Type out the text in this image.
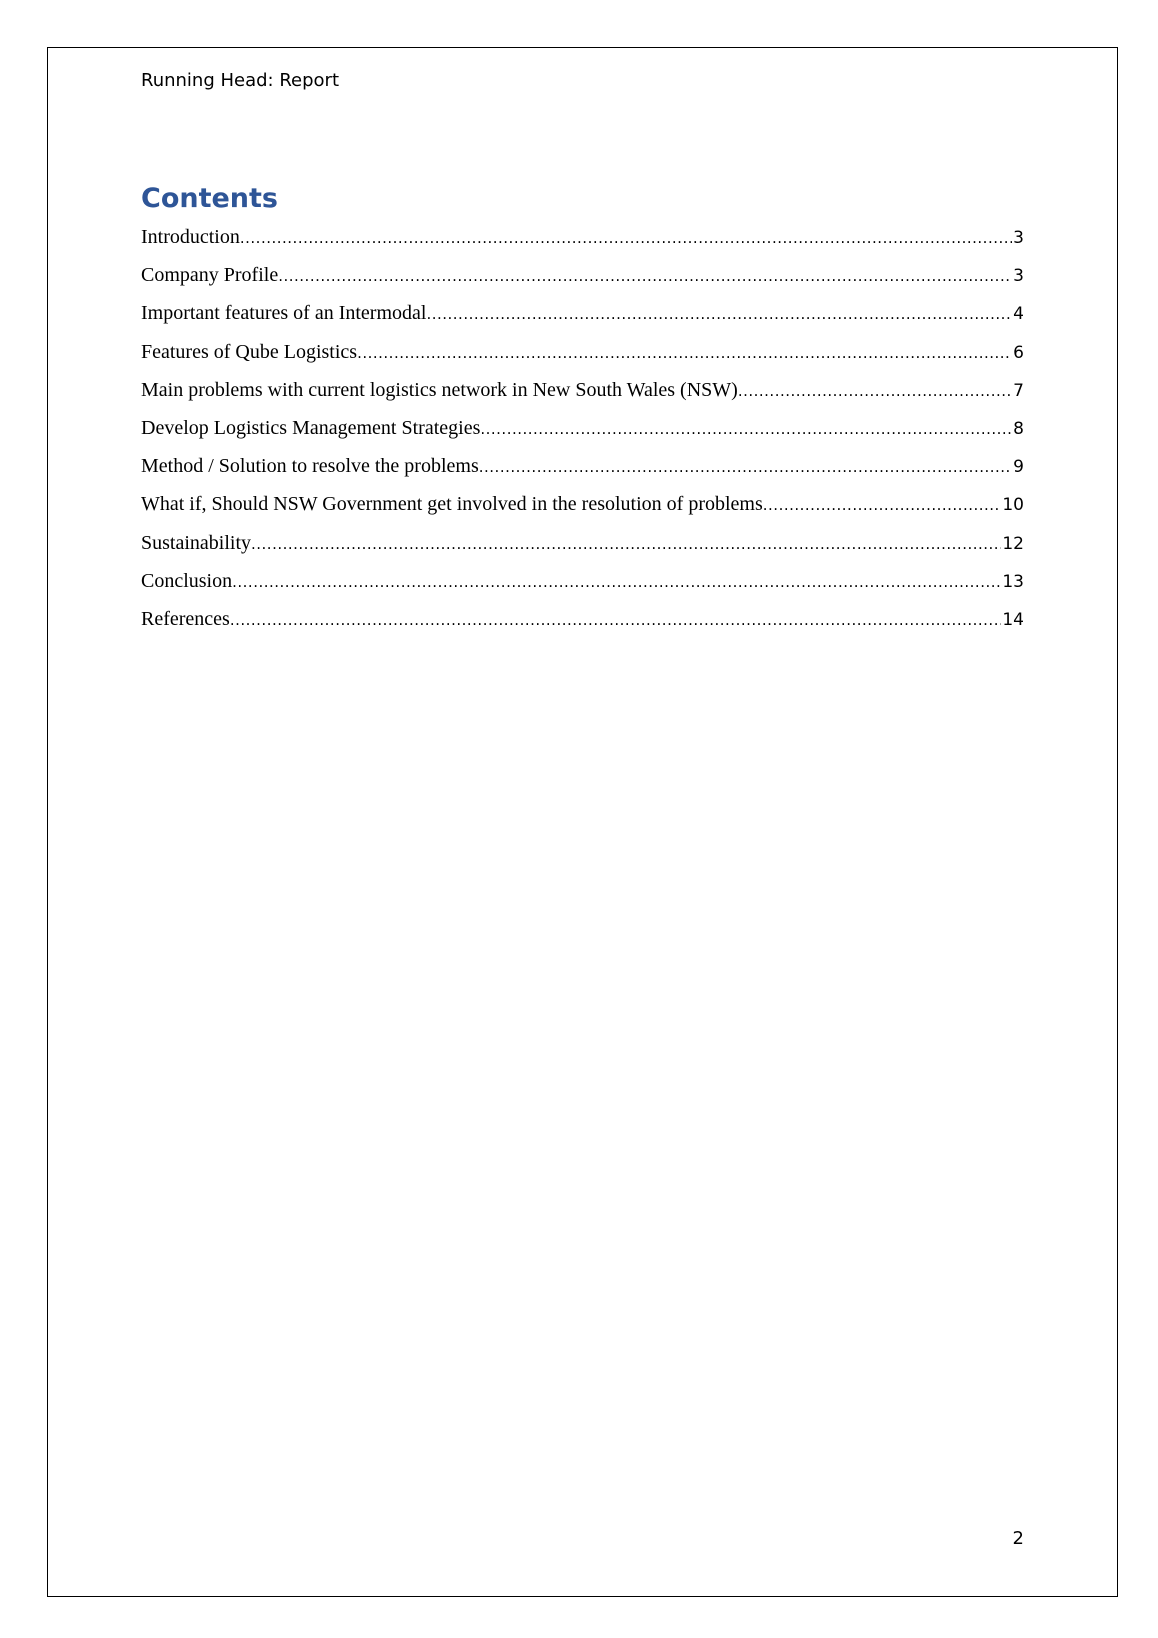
Running Head: Report
Contents
Introduction .....	3
Company Profile .....	3
Important features of an Intermodal .....	4
Features of Qube Logistics .....	6
Main problems with current logistics network in New South Wales (NSW) .....	7
Develop Logistics Management Strategies .....	8
Method / Solution to resolve the problems .....	9
What if, Should NSW Government get involved in the resolution of problems .....	10
Sustainability .....	12
Conclusion .....	13
References .....	14
2
